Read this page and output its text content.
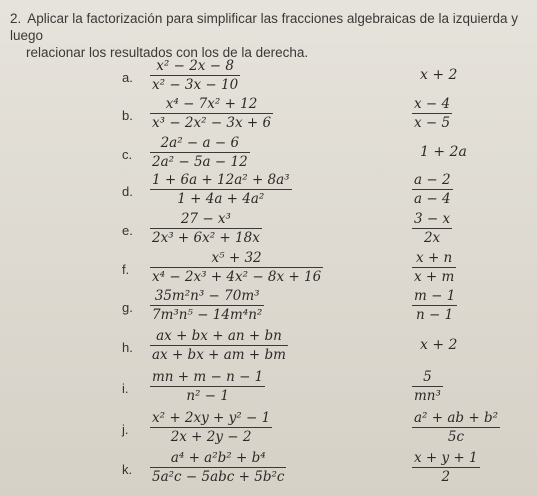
2. Aplicar la factorización para simplificar las fracciones algebraicas de la izquierda y luego
relacionar los resultados con los de la derecha.
a.
x² − 2x − 8
x² − 3x − 10
x + 2
b.
x⁴ − 7x² + 12
x³ − 2x² − 3x + 6
x − 4
x − 5
c.
2a² − a − 6
2a² − 5a − 12
1 + 2a
d.
1 + 6a + 12a² + 8a³
1 + 4a + 4a²
a − 2
a − 4
e.
27 − x³
2x³ + 6x² + 18x
3 − x
2x
f.
x⁵ + 32
x⁴ − 2x³ + 4x² − 8x + 16
x + n
x + m
g.
35m²n³ − 70m³
7m³n⁵ − 14m⁴n²
m − 1
n − 1
h.
ax + bx + an + bn
ax + bx + am + bm
x + 2
i.
mn + m − n − 1
n² − 1
5
mn³
j.
x² + 2xy + y² − 1
2x + 2y − 2
a² + ab + b²
5c
k.
a⁴ + a²b² + b⁴
5a²c − 5abc + 5b²c
x + y + 1
2
